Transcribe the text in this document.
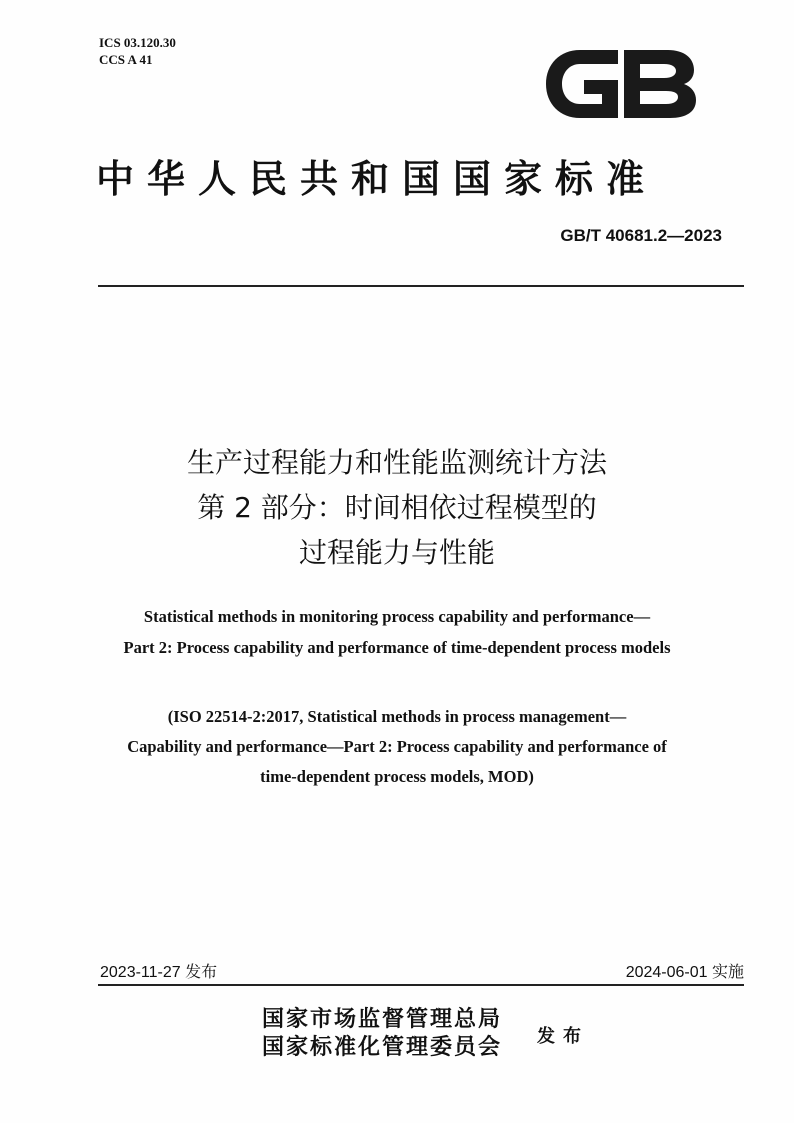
ICS 03.120.30
CCS A 41
中华人民共和国国家标准
GB/T 40681.2—2023
生产过程能力和性能监测统计方法
第 2 部分：时间相依过程模型的
过程能力与性能
Statistical methods in monitoring process capability and performance—
Part 2: Process capability and performance of time-dependent process models
(ISO 22514-2:2017, Statistical methods in process management—
Capability and performance—Part 2: Process capability and performance of
time-dependent process models, MOD)
2023-11-27 发布	2024-06-01 实施
国家市场监督管理总局
国家标准化管理委员会 发布
